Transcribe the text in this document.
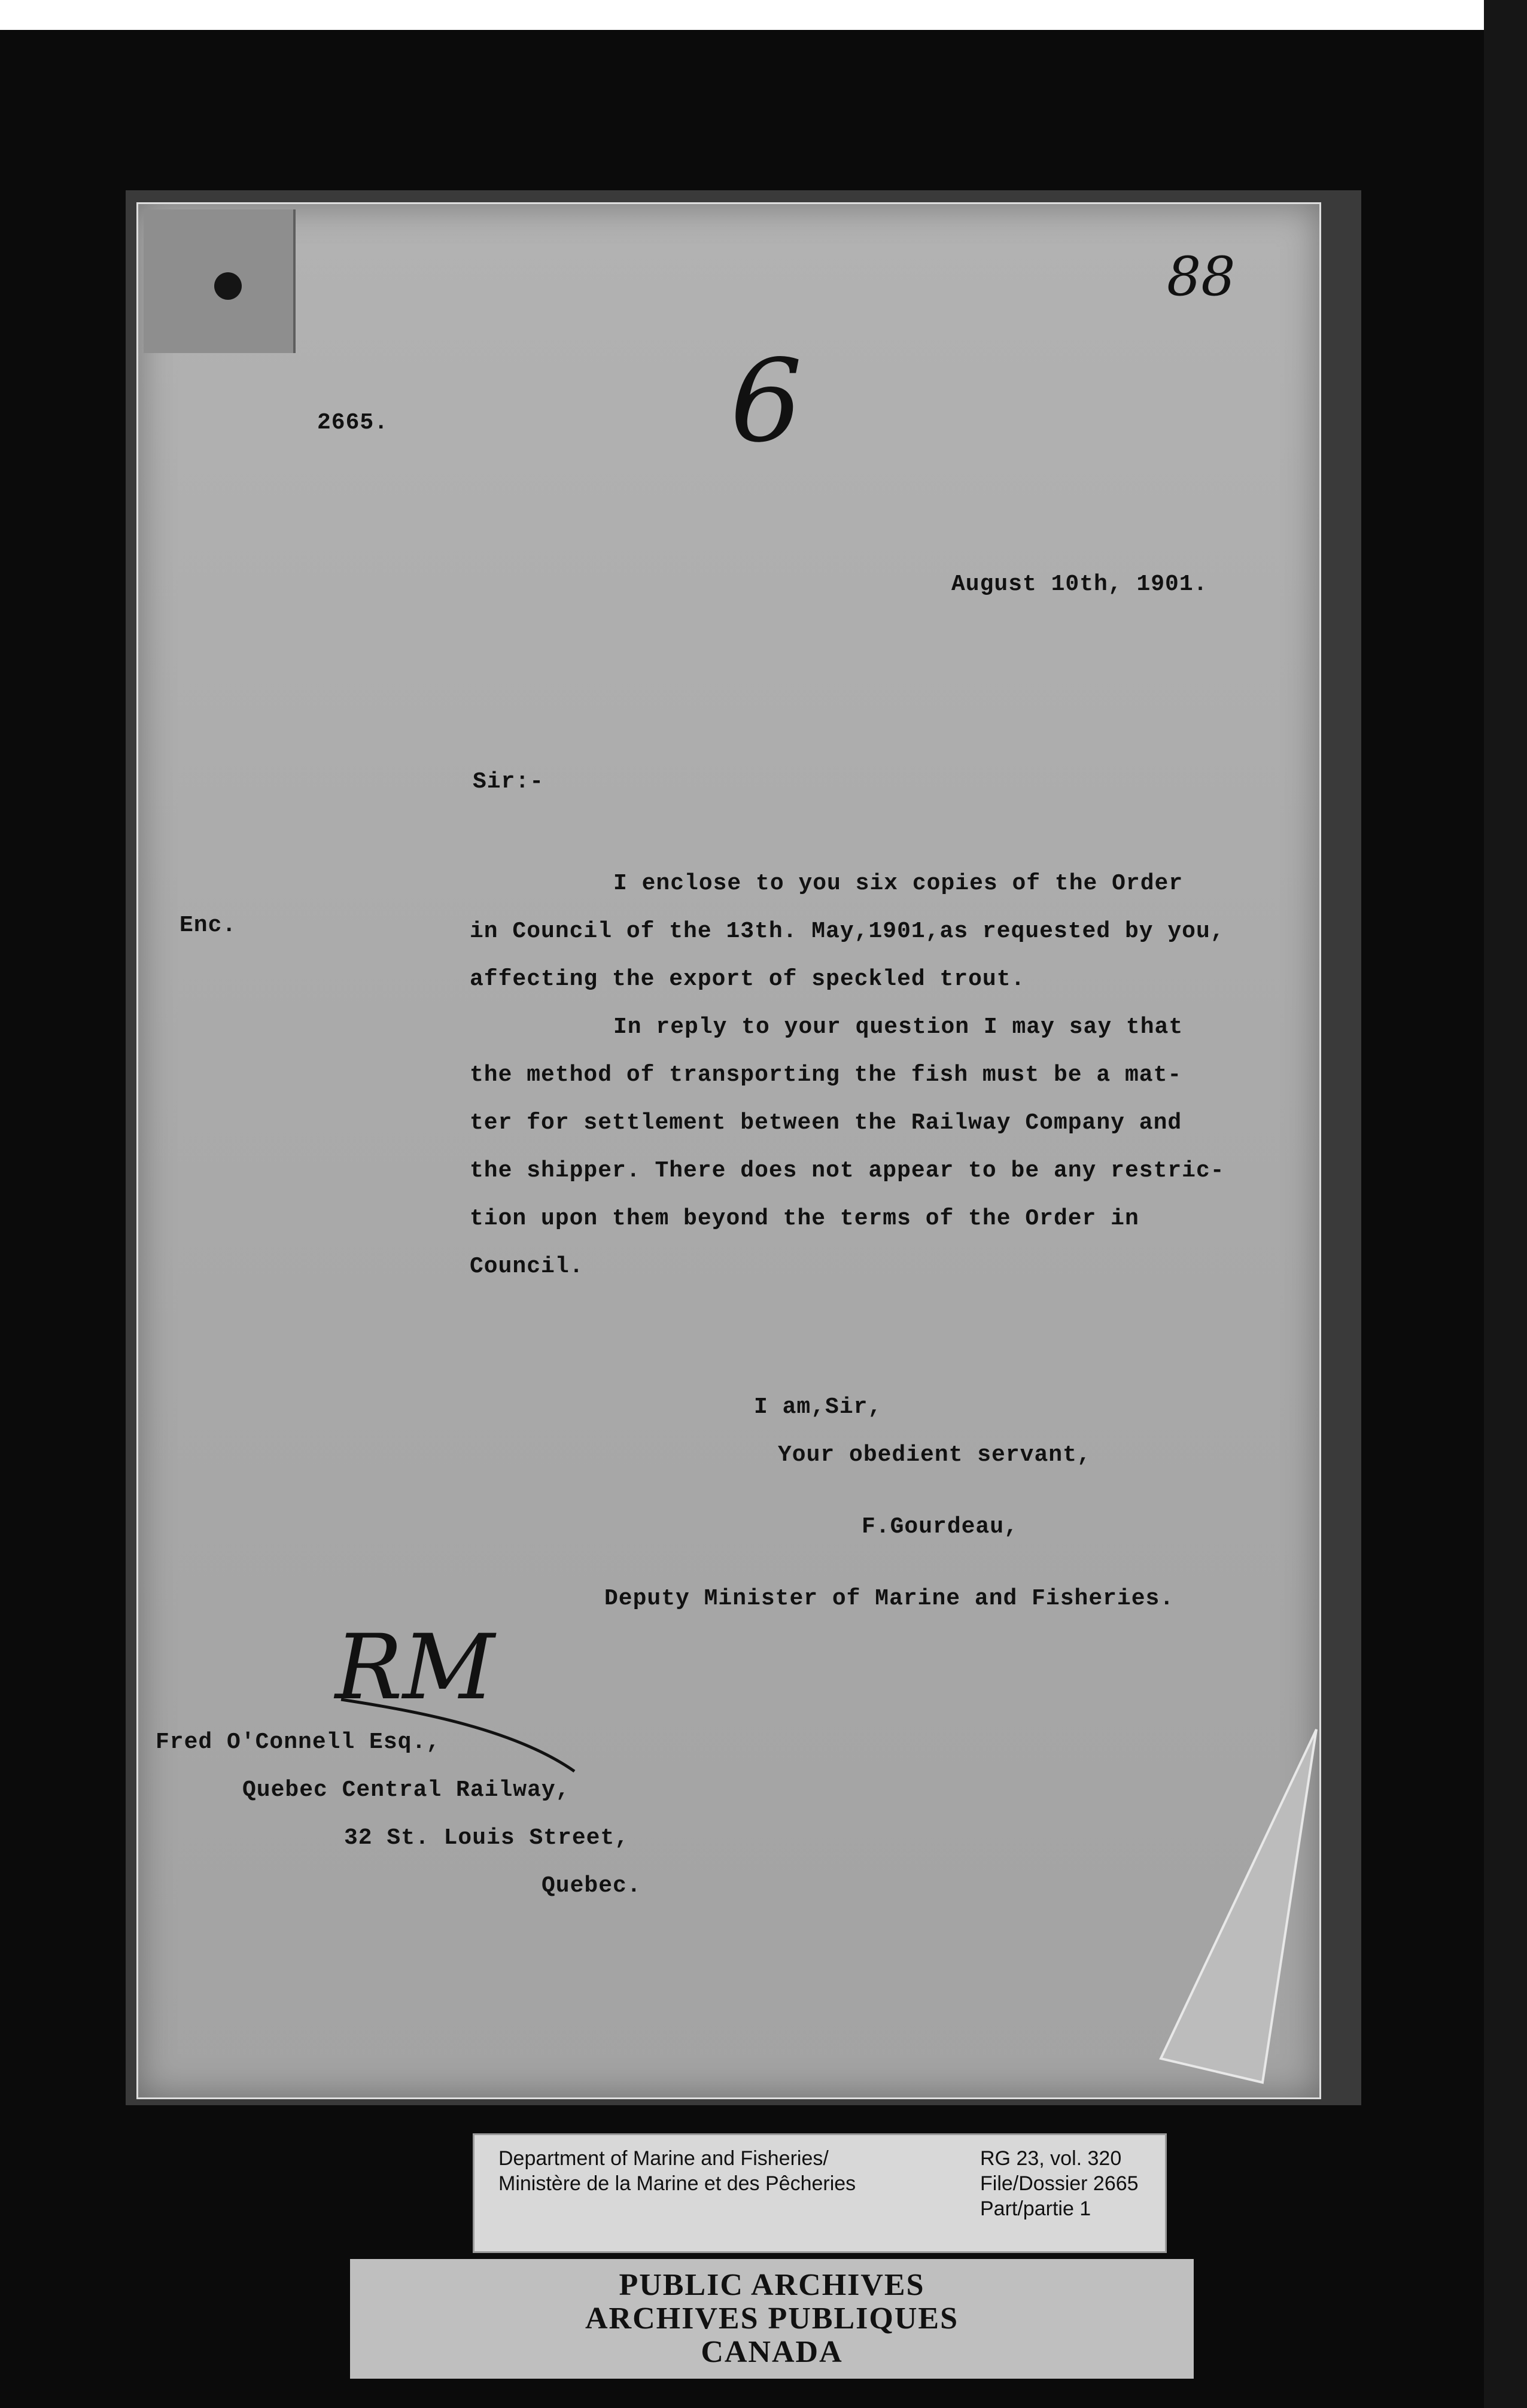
88
6
RM
2665.
August 10th, 1901.
Sir:-
Enc.
I enclose to you six copies of the Order
in Council of the 13th. May,1901,as requested by you,
affecting the export of speckled trout.
In reply to your question I may say that
the method of transporting the fish must be a mat-
ter for settlement between the Railway Company and
the shipper. There does not appear to be any restric-
tion upon them beyond the terms of the Order in
Council.
I am,Sir,
Your obedient servant,
F.Gourdeau,
Deputy Minister of Marine and Fisheries.
Fred O'Connell Esq.,
Quebec Central Railway,
32 St. Louis Street,
Quebec.
Department of Marine and Fisheries/
Ministère de la Marine et des Pêcheries
RG 23, vol. 320
File/Dossier 2665
Part/partie 1
PUBLIC ARCHIVES
ARCHIVES PUBLIQUES
CANADA
